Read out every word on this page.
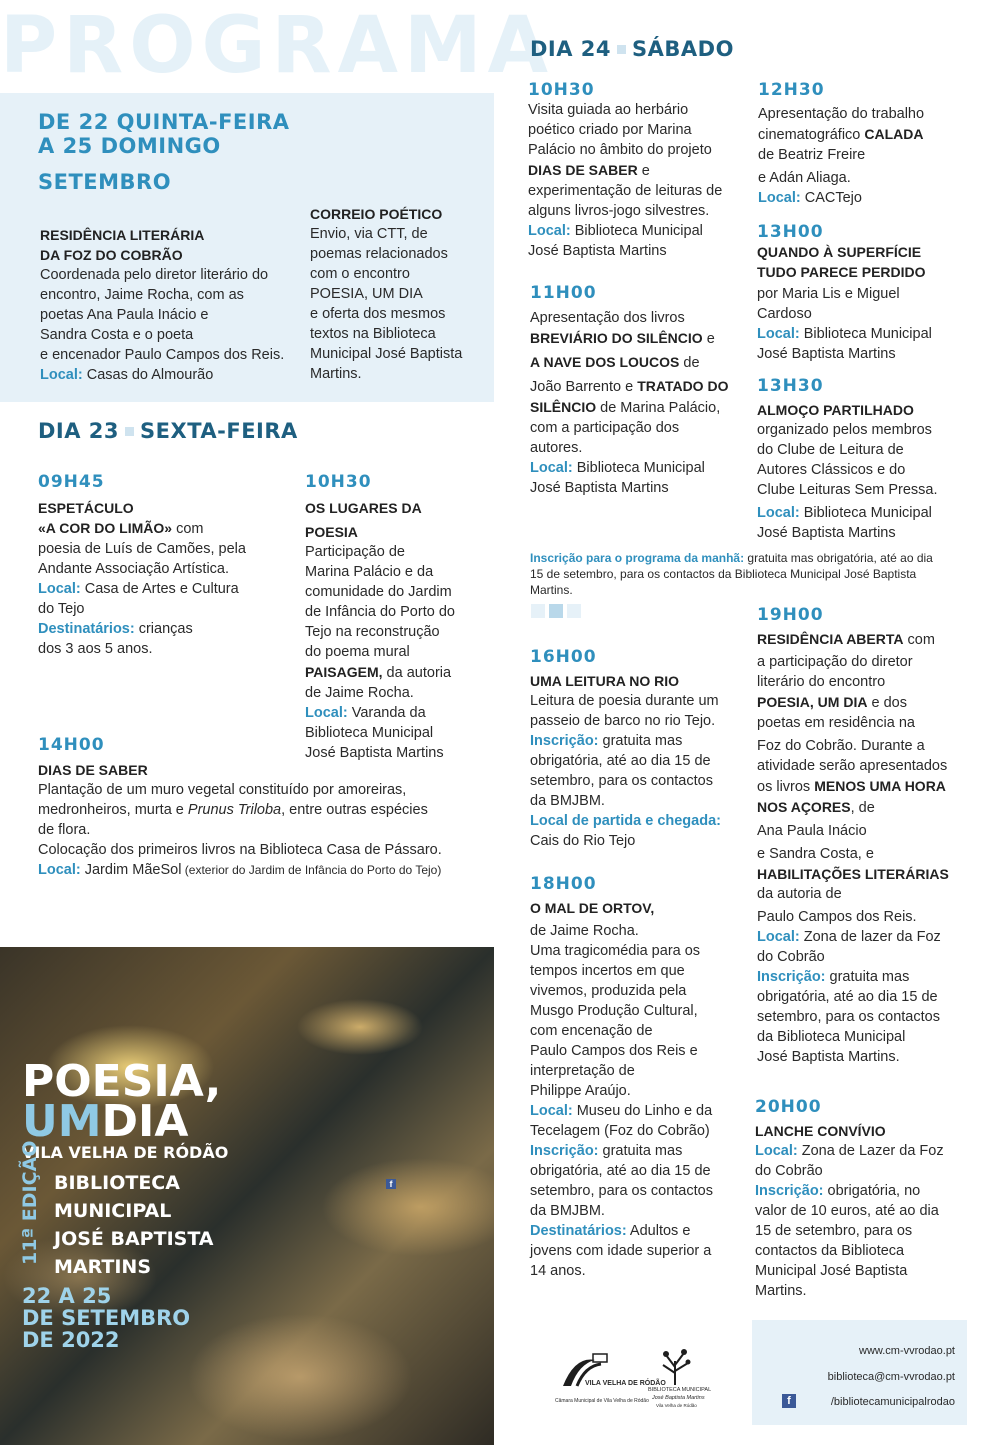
PROGRAMA
DE 22 QUINTA-FEIRA
A 25 DOMINGO
SETEMBRO
RESIDÊNCIA LITERÁRIA
DA FOZ DO COBRÃO
Coordenada pelo diretor literário do
encontro, Jaime Rocha, com as
poetas Ana Paula Inácio e
Sandra Costa e o poeta
e encenador Paulo Campos dos Reis.
Local: Casas do Almourão
CORREIO POÉTICO
Envio, via CTT, de
poemas relacionados
com o encontro
POESIA, UM DIA
e oferta dos mesmos
textos na Biblioteca
Municipal José Baptista
Martins.
DIA 23 SEXTA-FEIRA
09H45
ESPETÁCULO
«A COR DO LIMÃO» com
poesia de Luís de Camões, pela
Andante Associação Artística.
Local: Casa de Artes e Cultura
do Tejo
Destinatários: crianças
dos 3 aos 5 anos.
10H30
OS LUGARES DA
POESIA
Participação de
Marina Palácio e da
comunidade do Jardim
de Infância do Porto do
Tejo na reconstrução
do poema mural
PAISAGEM, da autoria
de Jaime Rocha.
Local: Varanda da
Biblioteca Municipal
José Baptista Martins
14H00
DIAS DE SABER
Plantação de um muro vegetal constituído por amoreiras,
medronheiros, murta e Prunus Triloba, entre outras espécies
de flora.
Colocação dos primeiros livros na Biblioteca Casa de Pássaro.
Local: Jardim MãeSol (exterior do Jardim de Infância do Porto do Tejo)
POESIA,
UMDIA
VILA VELHA DE RÓDÃO
11ª EDIÇÃO BIBLIOTECA
MUNICIPAL
JOSÉ BAPTISTA
MARTINS
22 A 25
DE SETEMBRO
DE 2022
f
DIA 24 SÁBADO
10H30
Visita guiada ao herbário
poético criado por Marina
Palácio no âmbito do projeto
DIAS DE SABER e
experimentação de leituras de
alguns livros-jogo silvestres.
Local: Biblioteca Municipal
José Baptista Martins
11H00
Apresentação dos livros
BREVIÁRIO DO SILÊNCIO e
A NAVE DOS LOUCOS de
João Barrento e TRATADO DO
SILÊNCIO de Marina Palácio,
com a participação dos
autores.
Local: Biblioteca Municipal
José Baptista Martins
12H30
Apresentação do trabalho
cinematográfico CALADA
de Beatriz Freire
e Adán Aliaga.
Local: CACTejo
13H00
QUANDO À SUPERFÍCIE
TUDO PARECE PERDIDO
por Maria Lis e Miguel
Cardoso
Local: Biblioteca Municipal
José Baptista Martins
13H30
ALMOÇO PARTILHADO
organizado pelos membros
do Clube de Leitura de
Autores Clássicos e do
Clube Leituras Sem Pressa.
Local: Biblioteca Municipal
José Baptista Martins
Inscrição para o programa da manhã: gratuita mas obrigatória, até ao dia
15 de setembro, para os contactos da Biblioteca Municipal José Baptista
Martins.
16H00
UMA LEITURA NO RIO
Leitura de poesia durante um
passeio de barco no rio Tejo.
Inscrição: gratuita mas
obrigatória, até ao dia 15 de
setembro, para os contactos
da BMJBM.
Local de partida e chegada:
Cais do Rio Tejo
18H00
O MAL DE ORTOV,
de Jaime Rocha.
Uma tragicomédia para os
tempos incertos em que
vivemos, produzida pela
Musgo Produção Cultural,
com encenação de
Paulo Campos dos Reis e
interpretação de
Philippe Araújo.
Local: Museu do Linho e da
Tecelagem (Foz do Cobrão)
Inscrição: gratuita mas
obrigatória, até ao dia 15 de
setembro, para os contactos
da BMJBM.
Destinatários: Adultos e
jovens com idade superior a
14 anos.
19H00
RESIDÊNCIA ABERTA com
a participação do diretor
literário do encontro
POESIA, UM DIA e dos
poetas em residência na
Foz do Cobrão. Durante a
atividade serão apresentados
os livros MENOS UMA HORA
NOS AÇORES, de
Ana Paula Inácio
e Sandra Costa, e
HABILITAÇÕES LITERÁRIAS
da autoria de
Paulo Campos dos Reis.
Local: Zona de lazer da Foz
do Cobrão
Inscrição: gratuita mas
obrigatória, até ao dia 15 de
setembro, para os contactos
da Biblioteca Municipal
José Baptista Martins.
20H00
LANCHE CONVÍVIO
Local: Zona de Lazer da Foz
do Cobrão
Inscrição: obrigatória, no
valor de 10 euros, até ao dia
15 de setembro, para os
contactos da Biblioteca
Municipal José Baptista
Martins.
VILA VELHA DE RÓDÃO
Câmara Municipal de Vila Velha de Ródão
BIBLIOTECA MUNICIPAL
José Baptista Martins
Vila Velha de Ródão
www.cm-vvrodao.pt
biblioteca@cm-vvrodao.pt
f	/bibliotecamunicipalrodao
